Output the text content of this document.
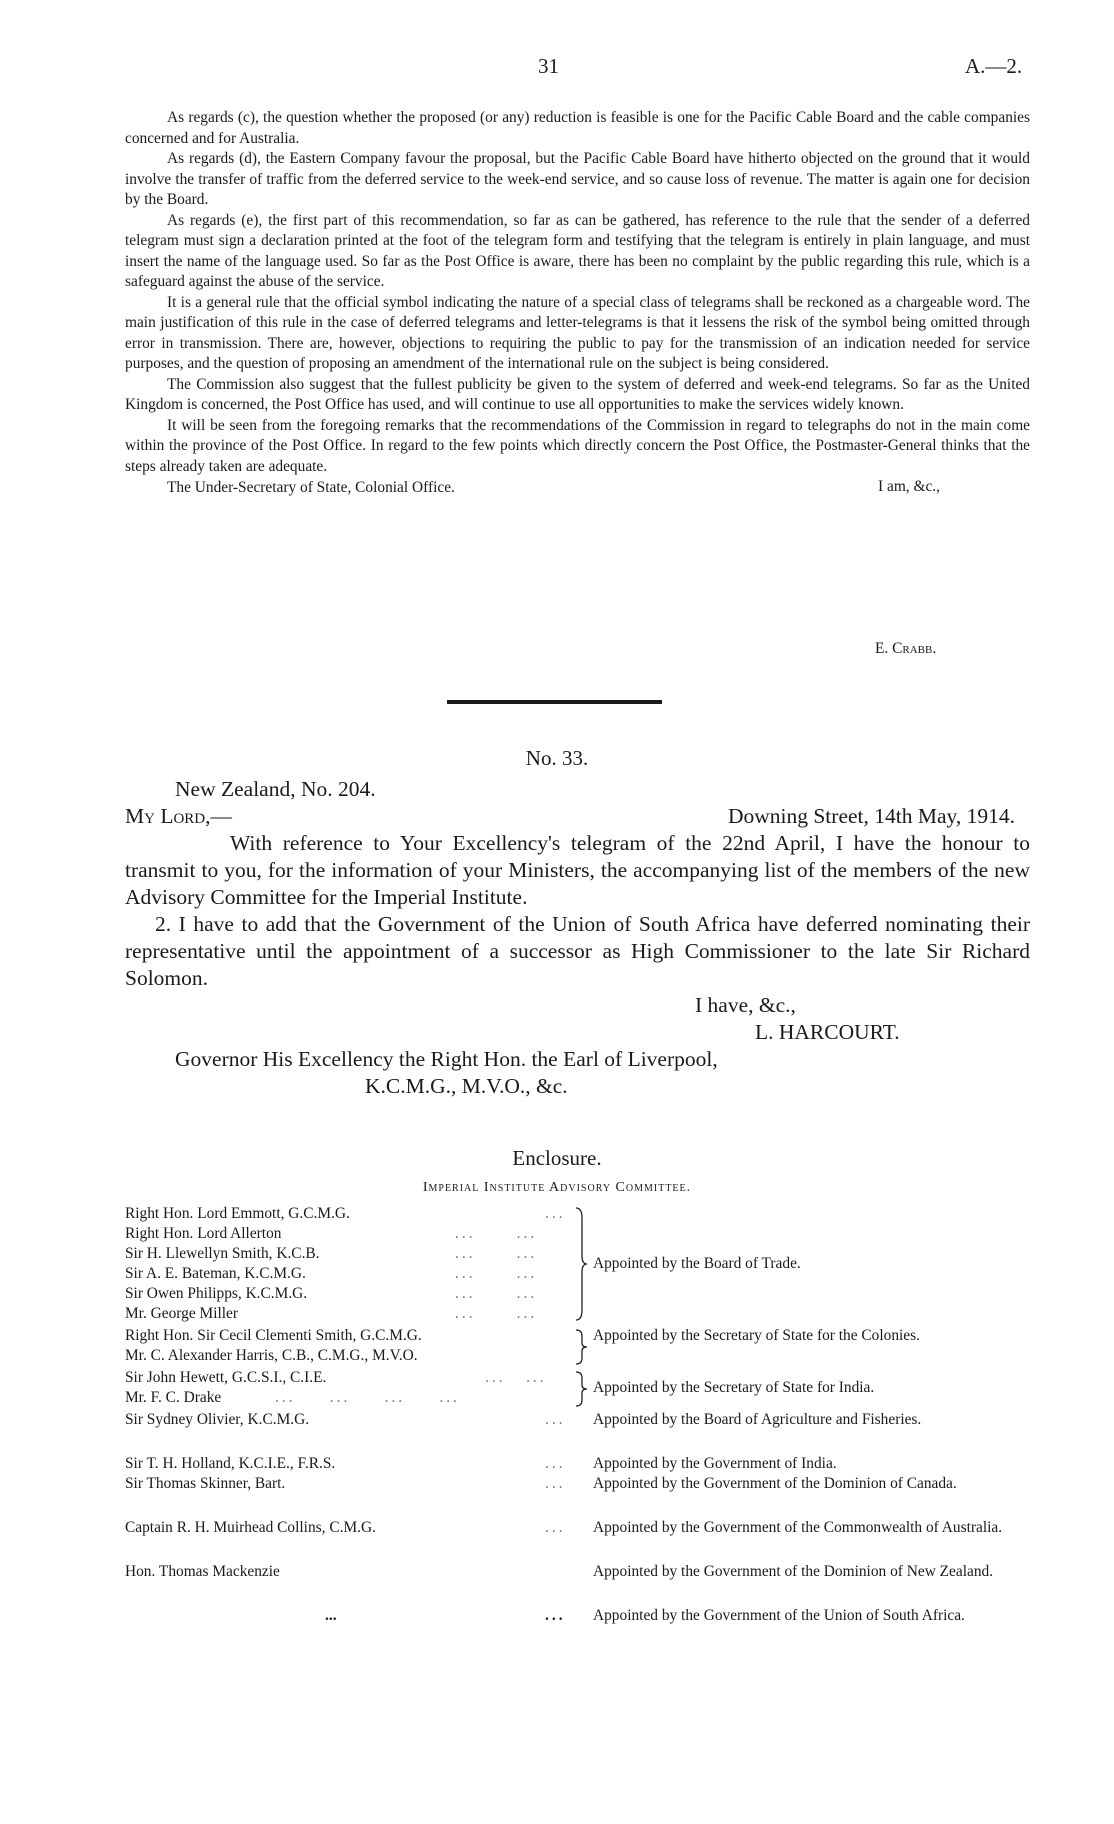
31	A.—2.

As regards (c), the question whether the proposed (or any) reduction is feasible is one for the Pacific Cable Board and the cable companies concerned and for Australia.

As regards (d), the Eastern Company favour the proposal, but the Pacific Cable Board have hitherto objected on the ground that it would involve the transfer of traffic from the deferred service to the week-end service, and so cause loss of revenue. The matter is again one for decision by the Board.

As regards (e), the first part of this recommendation, so far as can be gathered, has reference to the rule that the sender of a deferred telegram must sign a declaration printed at the foot of the telegram form and testifying that the telegram is entirely in plain language, and must insert the name of the language used. So far as the Post Office is aware, there has been no complaint by the public regarding this rule, which is a safeguard against the abuse of the service.

It is a general rule that the official symbol indicating the nature of a special class of telegrams shall be reckoned as a chargeable word. The main justification of this rule in the case of deferred telegrams and letter-telegrams is that it lessens the risk of the symbol being omitted through error in transmission. There are, however, objections to requiring the public to pay for the transmission of an indication needed for service purposes, and the question of proposing an amendment of the international rule on the subject is being considered.

The Commission also suggest that the fullest publicity be given to the system of deferred and week-end telegrams. So far as the United Kingdom is concerned, the Post Office has used, and will continue to use all opportunities to make the services widely known.

It will be seen from the foregoing remarks that the recommendations of the Commission in regard to telegraphs do not in the main come within the province of the Post Office. In regard to the few points which directly concern the Post Office, the Postmaster-General thinks that the steps already taken are adequate.

I am, &c.,
The Under-Secretary of State, Colonial Office.
E. Crabb.
No. 33.
New Zealand, No. 204.
My Lord,—	Downing Street, 14th May, 1914.

With reference to Your Excellency's telegram of the 22nd April, I have the honour to transmit to you, for the information of your Ministers, the accompanying list of the members of the new Advisory Committee for the Imperial Institute.

2. I have to add that the Government of the Union of South Africa have deferred nominating their representative until the appointment of a successor as High Commissioner to the late Sir Richard Solomon.

I have, &c.,
L. HARCOURT.
Governor His Excellency the Right Hon. the Earl of Liverpool,
K.C.M.G., M.V.O., &c.
Enclosure.
Imperial Institute Advisory Committee.
Right Hon. Lord Emmott, G.C.M.G.	...
Right Hon. Lord Allerton	...      ...
Sir H. Llewellyn Smith, K.C.B.	...      ...
Sir A. E. Bateman, K.C.M.G.	...      ...
Sir Owen Philipps, K.C.M.G.	...      ...
Mr. George Miller	...      ...
Appointed by the Board of Trade.
Right Hon. Sir Cecil Clementi Smith, G.C.M.G.
Mr. C. Alexander Harris, C.B., C.M.G., M.V.O.
Appointed by the Secretary of State for the Colonies.
Sir John Hewett, G.C.S.I., C.I.E.	...   ...
Mr. F. C. Drake	...     ...     ...     ...
Appointed by the Secretary of State for India.
Sir Sydney Olivier, K.C.M.G.	... Appointed by the Board of Agriculture and Fisheries.
Sir T. H. Holland, K.C.I.E., F.R.S.	... Appointed by the Government of India.
Sir Thomas Skinner, Bart.	... Appointed by the Government of the Dominion of Canada.
Captain R. H. Muirhead Collins, C.M.G.	... Appointed by the Government of the Commonwealth of Australia.
Hon. Thomas Mackenzie	Appointed by the Government of the Dominion of New Zealand.
...	... Appointed by the Government of the Union of South Africa.
